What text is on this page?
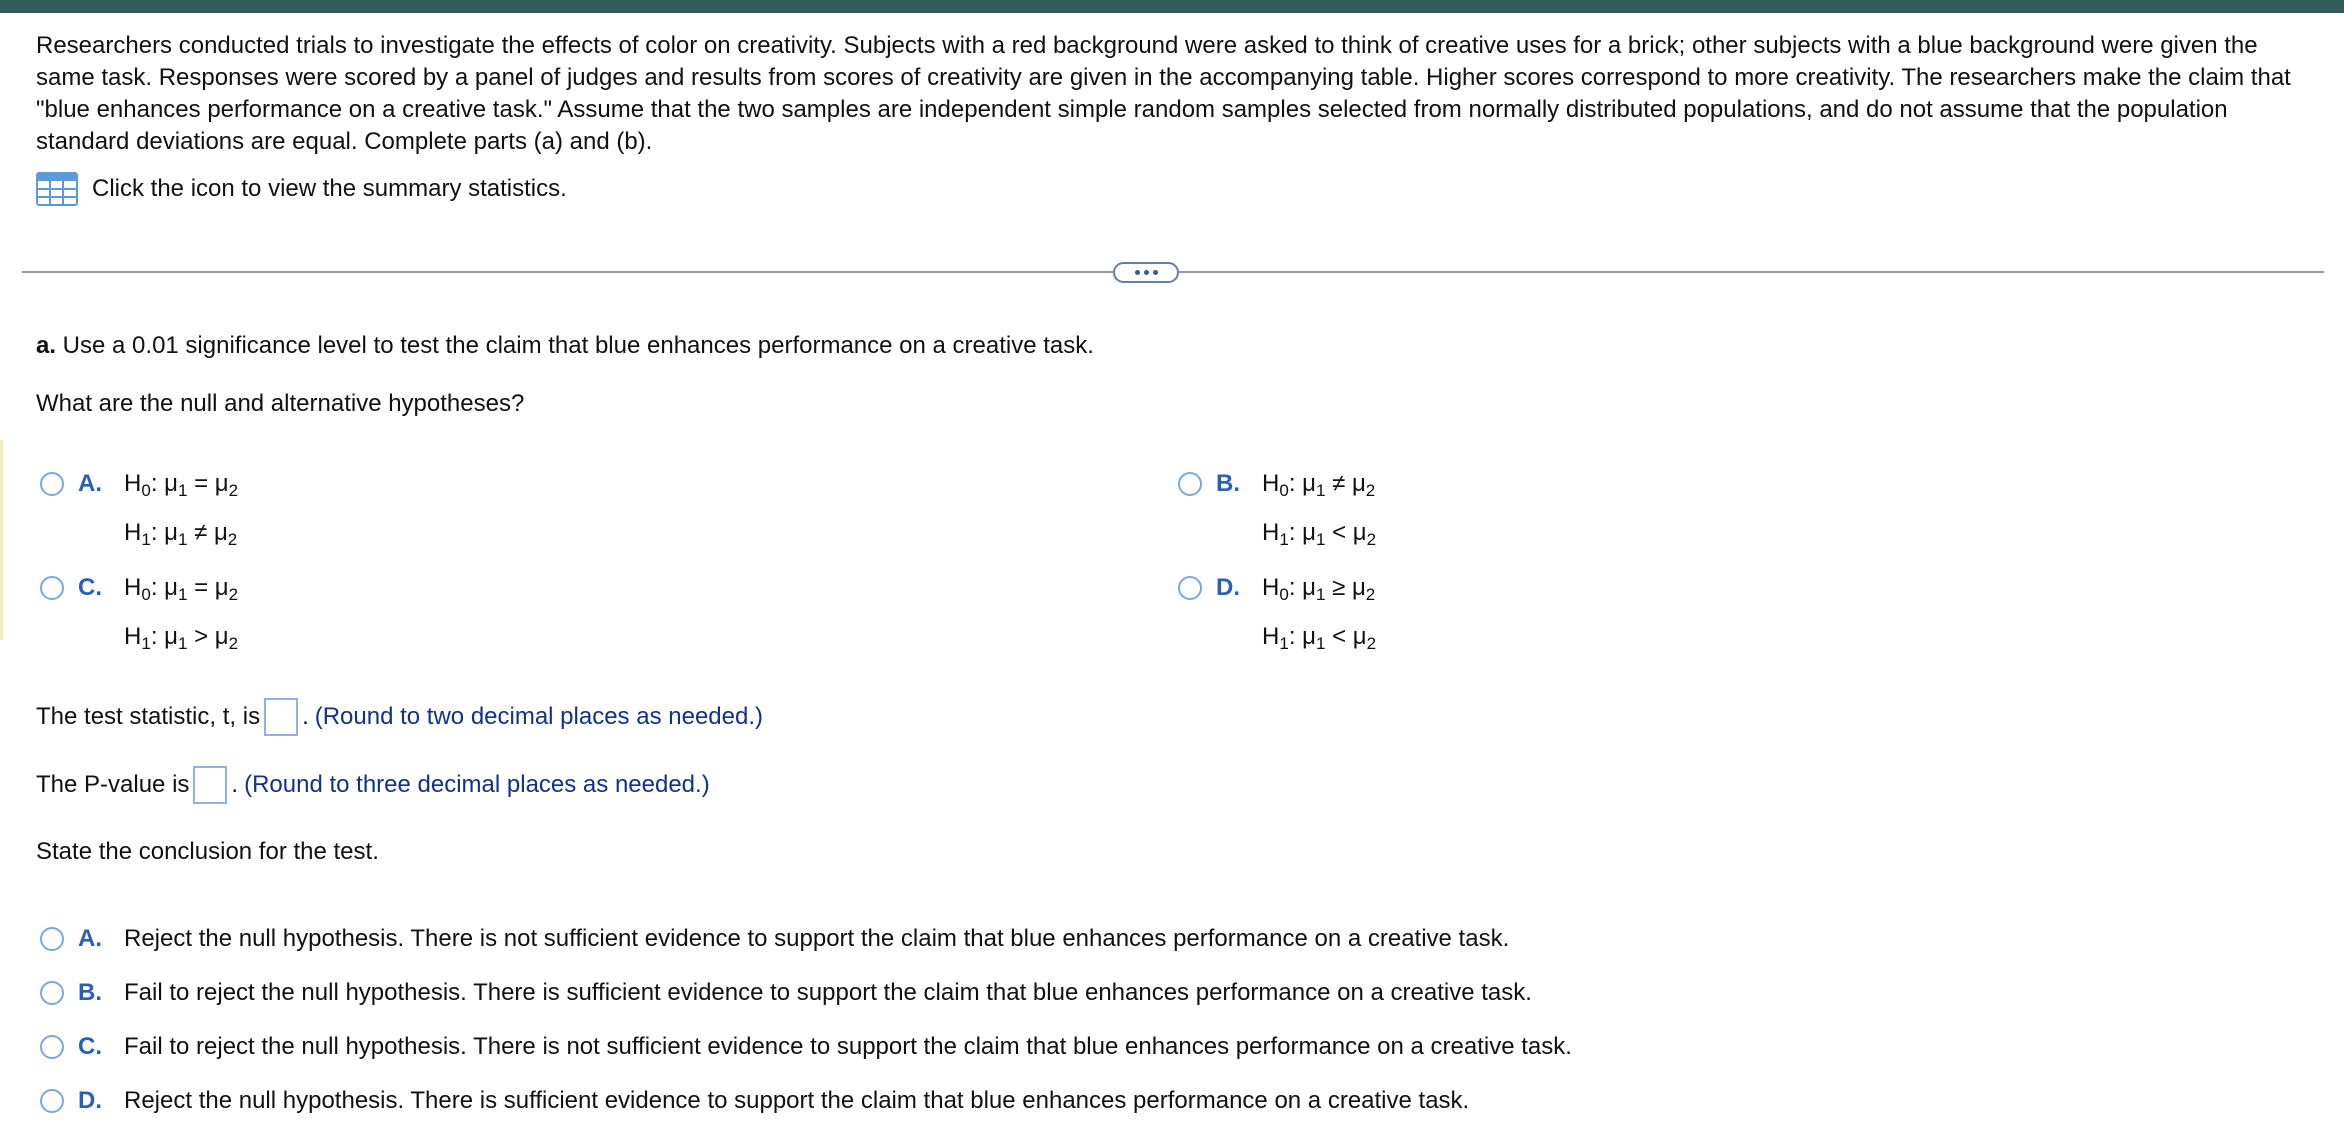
Researchers conducted trials to investigate the effects of color on creativity. Subjects with a red background were asked to think of creative uses for a brick; other subjects with a blue background were given the same task. Responses were scored by a panel of judges and results from scores of creativity are given in the accompanying table. Higher scores correspond to more creativity. The researchers make the claim that "blue enhances performance on a creative task." Assume that the two samples are independent simple random samples selected from normally distributed populations, and do not assume that the population standard deviations are equal. Complete parts (a) and (b).
Click the icon to view the summary statistics.
a. Use a 0.01 significance level to test the claim that blue enhances performance on a creative task.
What are the null and alternative hypotheses?
A. $H_0$: $\mu_1 = \mu_2$
$H_1$: $\mu_1 \ne \mu_2$
B. $H_0$: $\mu_1 \ne \mu_2$
$H_1$: $\mu_1 < \mu_2$
C. $H_0$: $\mu_1 = \mu_2$
$H_1$: $\mu_1 > \mu_2$
D. $H_0$: $\mu_1 \ge \mu_2$
$H_1$: $\mu_1 < \mu_2$
The test statistic, t, is . (Round to two decimal places as needed.)
The P-value is . (Round to three decimal places as needed.)
State the conclusion for the test.
A. Reject the null hypothesis. There is not sufficient evidence to support the claim that blue enhances performance on a creative task.
B. Fail to reject the null hypothesis. There is sufficient evidence to support the claim that blue enhances performance on a creative task.
C. Fail to reject the null hypothesis. There is not sufficient evidence to support the claim that blue enhances performance on a creative task.
D. Reject the null hypothesis. There is sufficient evidence to support the claim that blue enhances performance on a creative task.
